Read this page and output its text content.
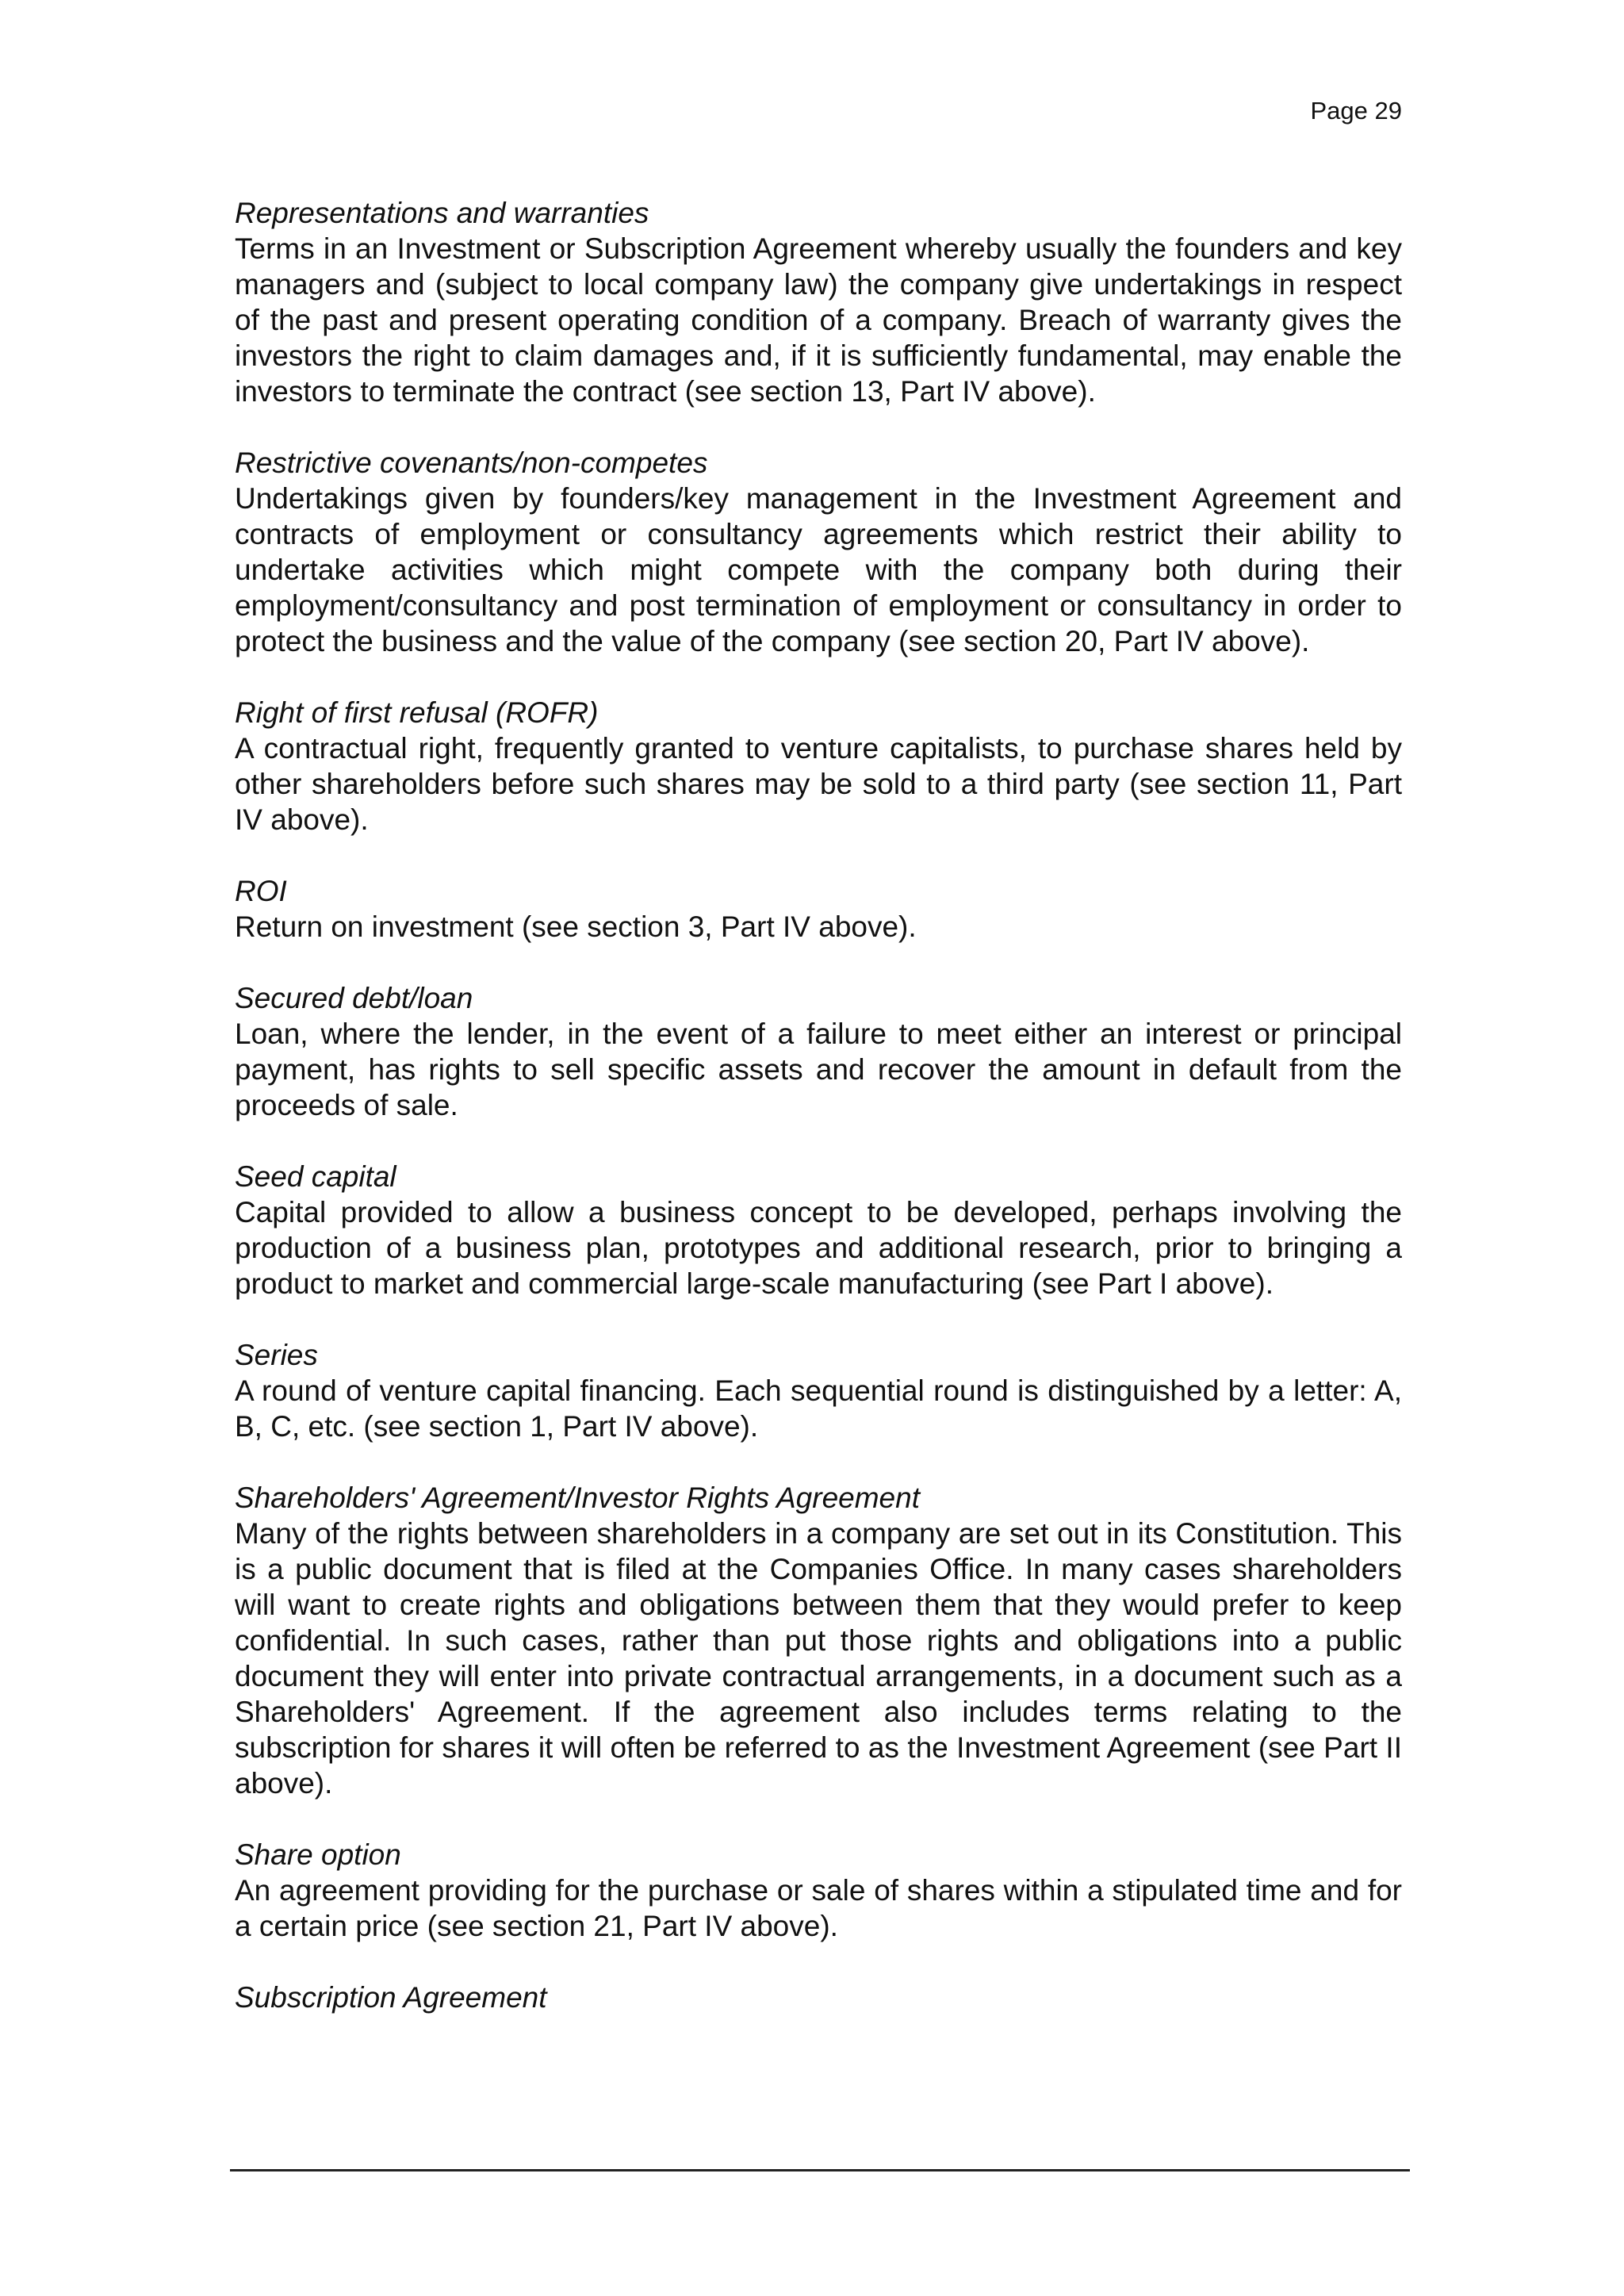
Page 29

Representations and warranties

Terms in an Investment or Subscription Agreement whereby usually the founders and key managers and (subject to local company law) the company give undertakings in respect of the past and present operating condition of a company. Breach of warranty gives the investors the right to claim damages and, if it is sufficiently fundamental, may enable the investors to terminate the contract (see section 13, Part IV above).

Restrictive covenants/non-competes

Undertakings given by founders/key management in the Investment Agreement and contracts of employment or consultancy agreements which restrict their ability to undertake activities which might compete with the company both during their employment/consultancy and post termination of employment or consultancy in order to protect the business and the value of the company (see section 20, Part IV above).

Right of first refusal (ROFR)

A contractual right, frequently granted to venture capitalists, to purchase shares held by other shareholders before such shares may be sold to a third party (see section 11, Part IV above).

ROI

Return on investment (see section 3, Part IV above).

Secured debt/loan

Loan, where the lender, in the event of a failure to meet either an interest or principal payment, has rights to sell specific assets and recover the amount in default from the proceeds of sale.

Seed capital

Capital provided to allow a business concept to be developed, perhaps involving the production of a business plan, prototypes and additional research, prior to bringing a product to market and commercial large-scale manufacturing (see Part I above).

Series

A round of venture capital financing. Each sequential round is distinguished by a letter: A, B, C, etc. (see section 1, Part IV above).

Shareholders' Agreement/Investor Rights Agreement

Many of the rights between shareholders in a company are set out in its Constitution. This is a public document that is filed at the Companies Office. In many cases shareholders will want to create rights and obligations between them that they would prefer to keep confidential. In such cases, rather than put those rights and obligations into a public document they will enter into private contractual arrangements, in a document such as a Shareholders' Agreement. If the agreement also includes terms relating to the subscription for shares it will often be referred to as the Investment Agreement (see Part II above).

Share option

An agreement providing for the purchase or sale of shares within a stipulated time and for a certain price (see section 21, Part IV above).

Subscription Agreement
